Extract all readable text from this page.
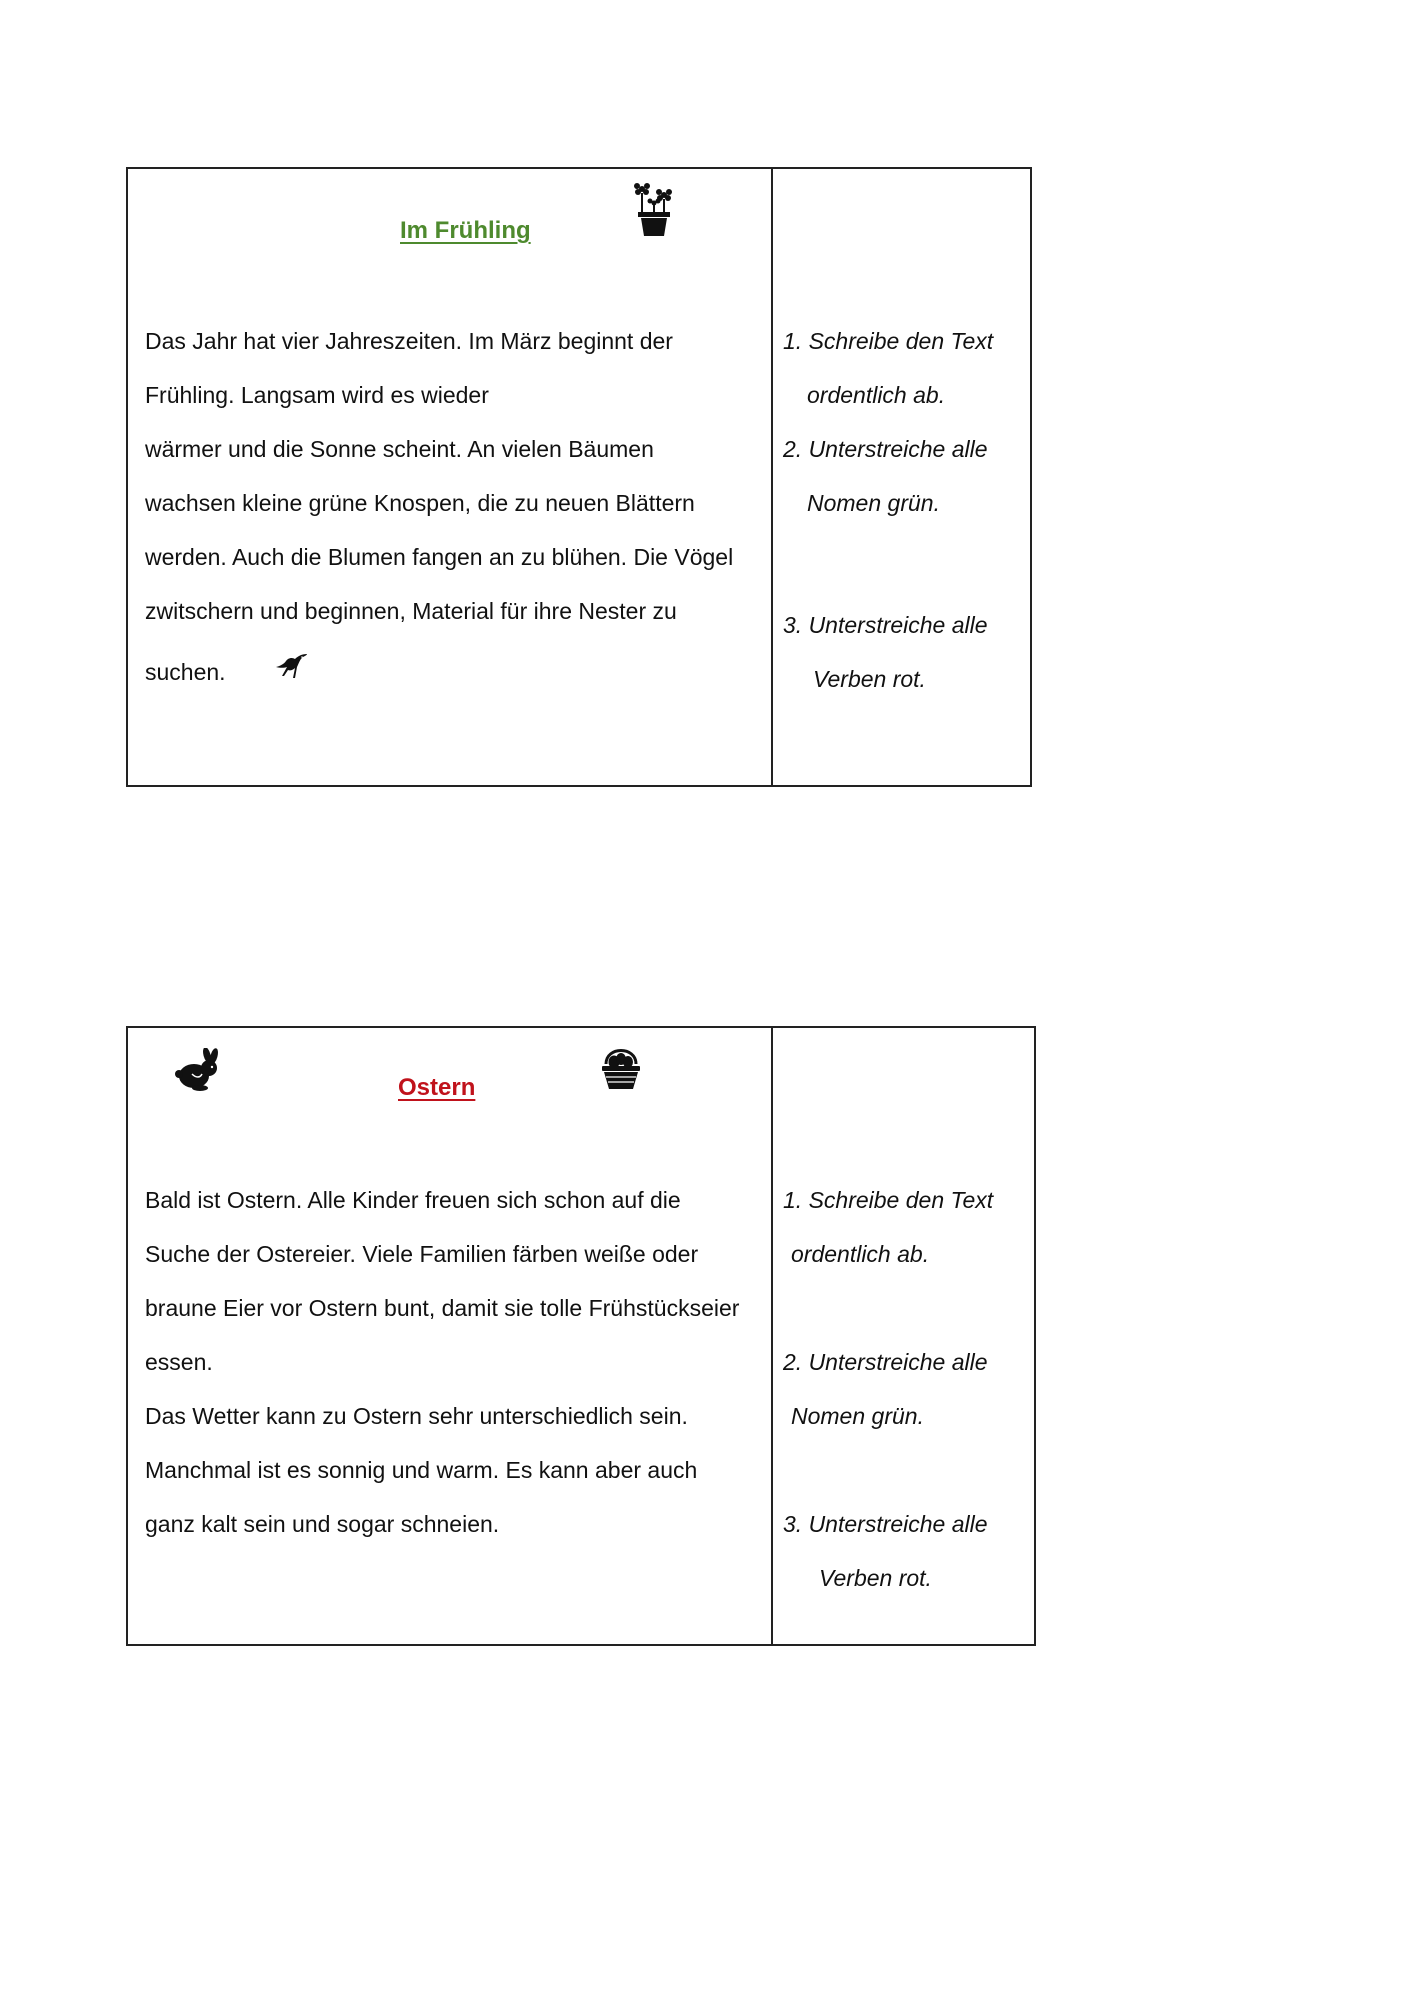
Im Frühling
Das Jahr hat vier Jahreszeiten. Im März beginnt der
Frühling. Langsam wird es wieder
wärmer und die Sonne scheint. An vielen Bäumen
wachsen kleine grüne Knospen, die zu neuen Blättern
werden. Auch die Blumen fangen an zu blühen. Die Vögel
zwitschern und beginnen, Material für ihre Nester zu
suchen.
1. Schreibe den Text
ordentlich ab.
2. Unterstreiche alle
Nomen grün.
3. Unterstreiche alle
Verben rot.
Ostern
Bald ist Ostern. Alle Kinder freuen sich schon auf die
Suche der Ostereier. Viele Familien färben weiße oder
braune Eier vor Ostern bunt, damit sie tolle Frühstückseier
essen.
Das Wetter kann zu Ostern sehr unterschiedlich sein.
Manchmal ist es sonnig und warm. Es kann aber auch
ganz kalt sein und sogar schneien.
1. Schreibe den Text
ordentlich ab.
2. Unterstreiche alle
Nomen grün.
3. Unterstreiche alle
Verben rot.
